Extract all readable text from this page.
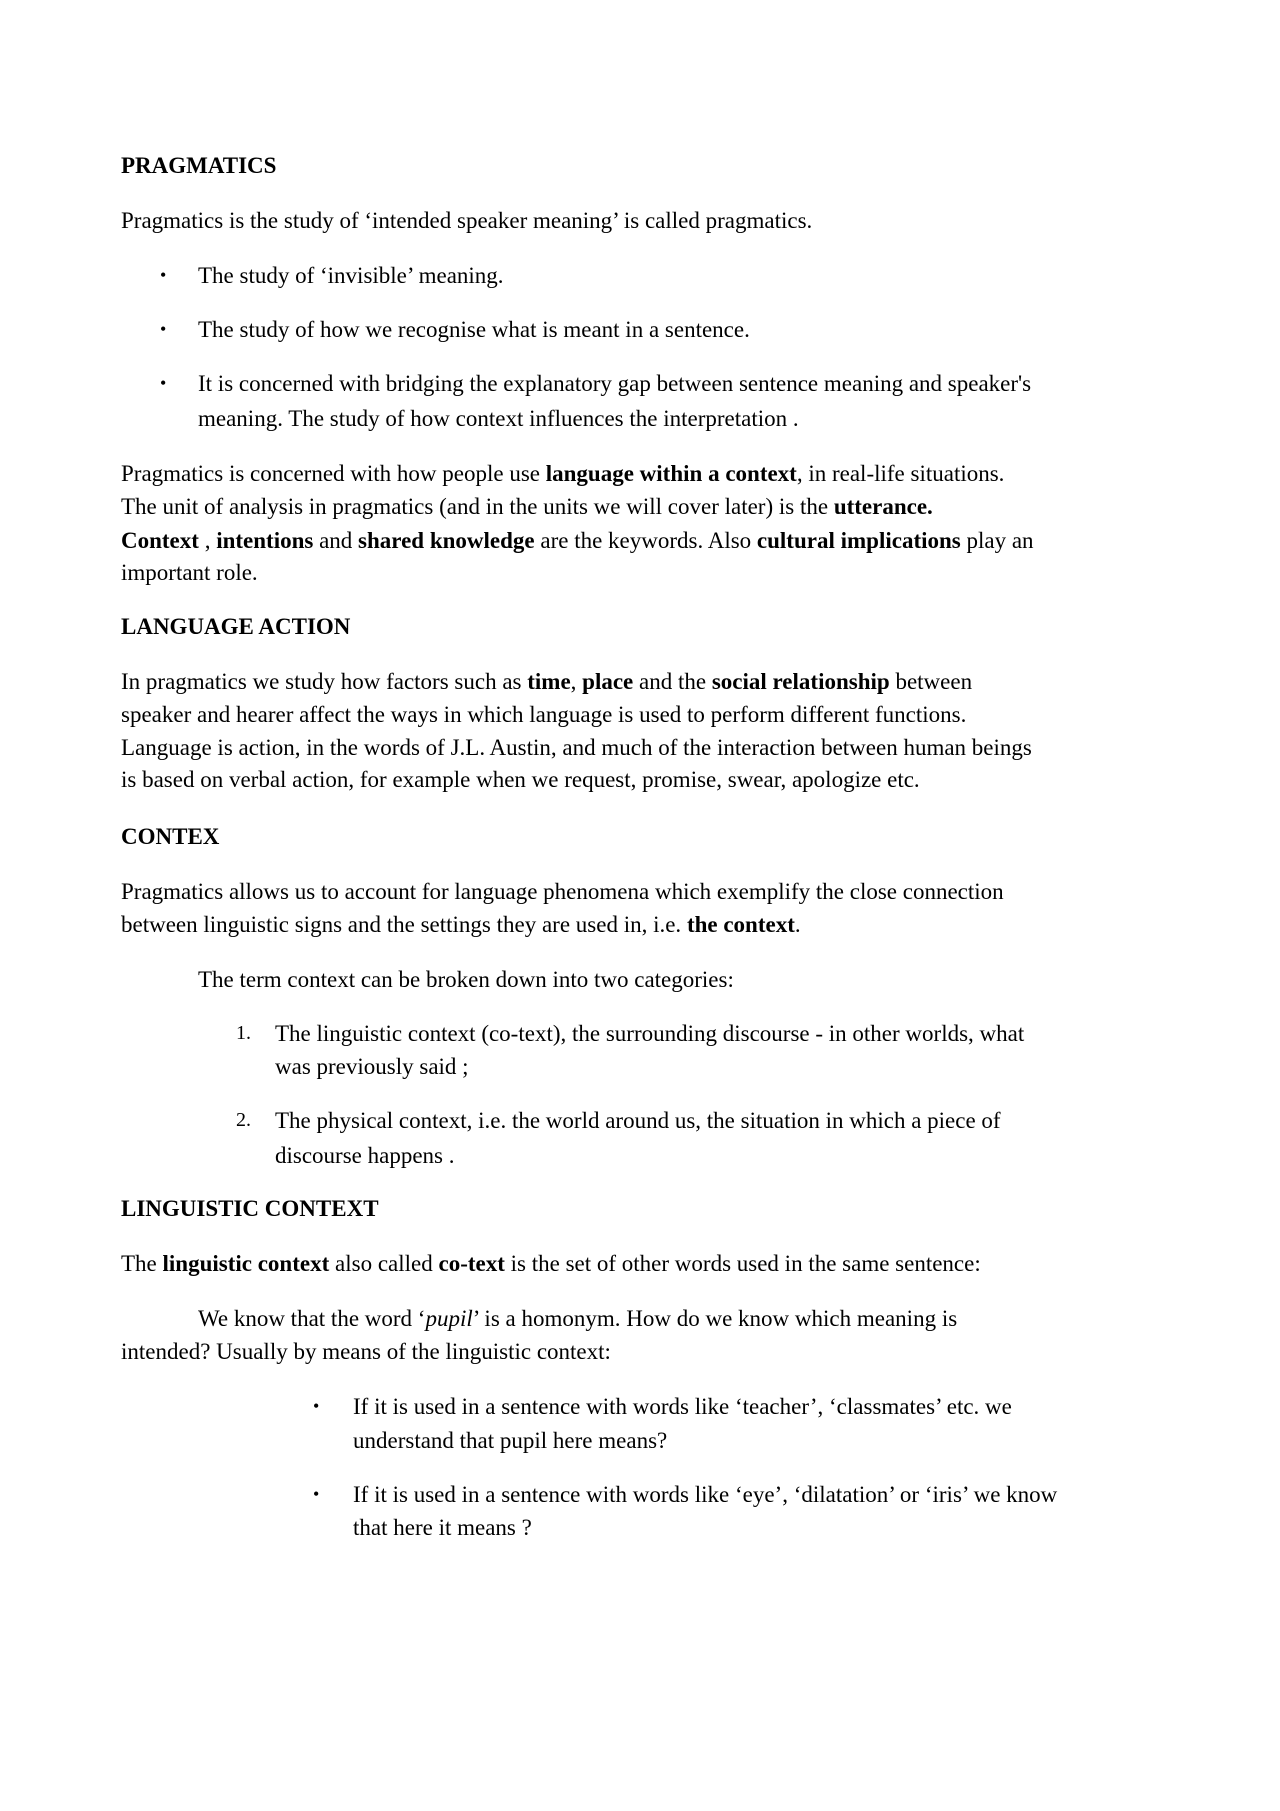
PRAGMATICS
Pragmatics is the study of ‘intended speaker meaning’ is called pragmatics.
• The study of ‘invisible’ meaning.
• The study of how we recognise what is meant in a sentence.
• It is concerned with bridging the explanatory gap between sentence meaning and speaker's
meaning. The study of how context influences the interpretation .
Pragmatics is concerned with how people use language within a context, in real-life situations.
The unit of analysis in pragmatics (and in the units we will cover later) is the utterance.
Context , intentions and shared knowledge are the keywords. Also cultural implications play an
important role.
LANGUAGE ACTION
In pragmatics we study how factors such as time, place and the social relationship between
speaker and hearer affect the ways in which language is used to perform different functions.
Language is action, in the words of J.L. Austin, and much of the interaction between human beings
is based on verbal action, for example when we request, promise, swear, apologize etc.
CONTEX
Pragmatics allows us to account for language phenomena which exemplify the close connection
between linguistic signs and the settings they are used in, i.e. the context.
The term context can be broken down into two categories:
1. The linguistic context (co-text), the surrounding discourse - in other worlds, what
was previously said ;
2. The physical context, i.e. the world around us, the situation in which a piece of
discourse happens .
LINGUISTIC CONTEXT
The linguistic context also called co-text is the set of other words used in the same sentence:
We know that the word ‘pupil’ is a homonym. How do we know which meaning is
intended? Usually by means of the linguistic context:
• If it is used in a sentence with words like ‘teacher’, ‘classmates’ etc. we
understand that pupil here means?
• If it is used in a sentence with words like ‘eye’, ‘dilatation’ or ‘iris’ we know
that here it means ?
